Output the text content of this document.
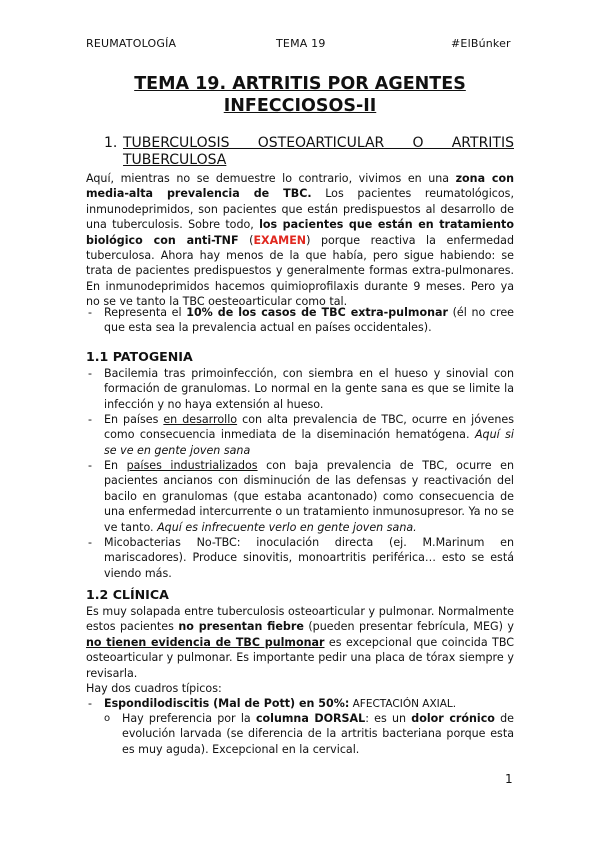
REUMATOLOGÍA	TEMA 19	#ElBúnker
TEMA 19. ARTRITIS POR AGENTES
INFECCIOSOS-II
1. TUBERCULOSIS OSTEOARTICULAR O ARTRITIS TUBERCULOSA
Aquí, mientras no se demuestre lo contrario, vivimos en una zona con media-alta prevalencia de TBC. Los pacientes reumatológicos, inmunodeprimidos, son pacientes que están predispuestos al desarrollo de una tuberculosis. Sobre todo, los pacientes que están en tratamiento biológico con anti-TNF (EXAMEN) porque reactiva la enfermedad tuberculosa. Ahora hay menos de la que había, pero sigue habiendo: se trata de pacientes predispuestos y generalmente formas extra-pulmonares. En inmunodeprimidos hacemos quimioprofilaxis durante 9 meses. Pero ya no se ve tanto la TBC oesteoarticular como tal.
- Representa el 10% de los casos de TBC extra-pulmonar (él no cree que esta sea la prevalencia actual en países occidentales).
1.1 PATOGENIA
- Bacilemia tras primoinfección, con siembra en el hueso y sinovial con formación de granulomas. Lo normal en la gente sana es que se limite la infección y no haya extensión al hueso.
- En países en desarrollo con alta prevalencia de TBC, ocurre en jóvenes como consecuencia inmediata de la diseminación hematógena. Aquí si se ve en gente joven sana
- En países industrializados con baja prevalencia de TBC, ocurre en pacientes ancianos con disminución de las defensas y reactivación del bacilo en granulomas (que estaba acantonado) como consecuencia de una enfermedad intercurrente o un tratamiento inmunosupresor. Ya no se ve tanto. Aquí es infrecuente verlo en gente joven sana.
- Micobacterias No-TBC: inoculación directa (ej. M.Marinum en mariscadores). Produce sinovitis, monoartritis periférica… esto se está viendo más.
1.2 CLÍNICA
Es muy solapada entre tuberculosis osteoarticular y pulmonar. Normalmente estos pacientes no presentan fiebre (pueden presentar febrícula, MEG) y no tienen evidencia de TBC pulmonar es excepcional que coincida TBC osteoarticular y pulmonar. Es importante pedir una placa de tórax siempre y revisarla.
Hay dos cuadros típicos:
- Espondilodiscitis (Mal de Pott) en 50%: AFECTACIÓN AXIAL.
o Hay preferencia por la columna DORSAL: es un dolor crónico de evolución larvada (se diferencia de la artritis bacteriana porque esta es muy aguda). Excepcional en la cervical.
1
